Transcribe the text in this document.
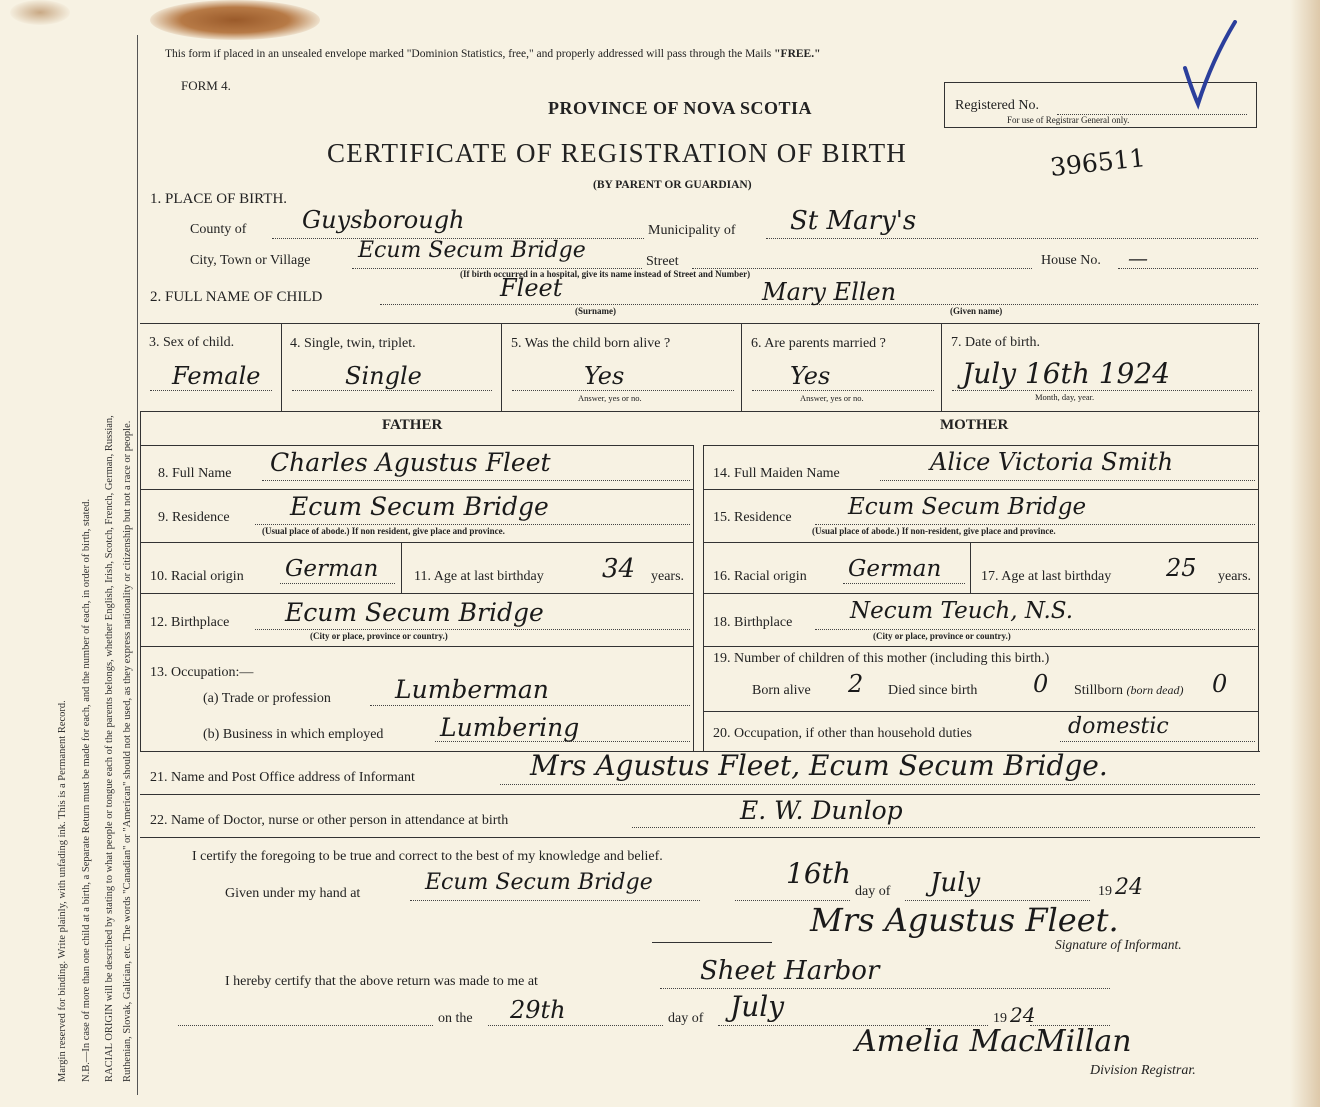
Margin reserved for binding. Write plainly, with unfading ink. This is a Permanent Record. N.B.—In case of more than one child at a birth, a Separate Return must be made for each, and the number of each, in order of birth, stated. RACIAL ORIGIN will be described by stating to what people or tongue each of the parents belongs, whether English, Irish, Scotch, French, German, Russian, Ruthenian, Slovak, Galician, etc. The words "Canadian" or "American" should not be used, as they express nationality or citizenship but not a race or people.
This form if placed in an unsealed envelope marked "Dominion Statistics, free," and properly addressed will pass through the Mails "FREE."
FORM 4.
PROVINCE OF NOVA SCOTIA	Registered No.
For use of Registrar General only.
CERTIFICATE OF REGISTRATION OF BIRTH	396511
(BY PARENT OR GUARDIAN)
1. PLACE OF BIRTH.
County of Guysborough	Municipality of St Mary's
City, Town or Village Ecum Secum Bridge	Street
(If birth occurred in a hospital, give its name instead of Street and Number)
House No. —
2. FULL NAME OF CHILD	Fleet
(Surname)
Mary Ellen
(Given name)
3. Sex of child.
Female
4. Single, twin, triplet.
Single
5. Was the child born alive ?
Yes
Answer, yes or no.
6. Are parents married ?
Yes
Answer, yes or no.
7. Date of birth.
July 16th 1924
Month, day, year.
FATHER	MOTHER
8. Full Name Charles Agustus Fleet
9. Residence Ecum Secum Bridge
(Usual place of abode.) If non resident, give place and province.
10. Racial origin German	11. Age at last birthday 34 years.
12. Birthplace Ecum Secum Bridge
(City or place, province or country.)
13. Occupation:—
(a) Trade or profession	Lumberman
(b) Business in which employed Lumbering
14. Full Maiden Name	Alice Victoria Smith
15. Residence Ecum Secum Bridge
(Usual place of abode.) If non-resident, give place and province.
16. Racial origin German	17. Age at last birthday 25 years.
18. Birthplace	Necum Teuch, N.S.
(City or place, province or country.)
19. Number of children of this mother (including this birth.)
Born alive 2 Died since birth 0 Stillborn (born dead) 0
20. Occupation, if other than household duties	domestic
21. Name and Post Office address of Informant	Mrs Agustus Fleet, Ecum Secum Bridge.
22. Name of Doctor, nurse or other person in attendance at birth	E. W. Dunlop
I certify the foregoing to be true and correct to the best of my knowledge and belief.
Given under my hand at	Ecum Secum Bridge	16th
day of July	19 24
Mrs Agustus Fleet.
Signature of Informant.
I hereby certify that the above return was made to me at	Sheet Harbor
on the 29th	day of July	19 24
Amelia MacMillan
Division Registrar.
